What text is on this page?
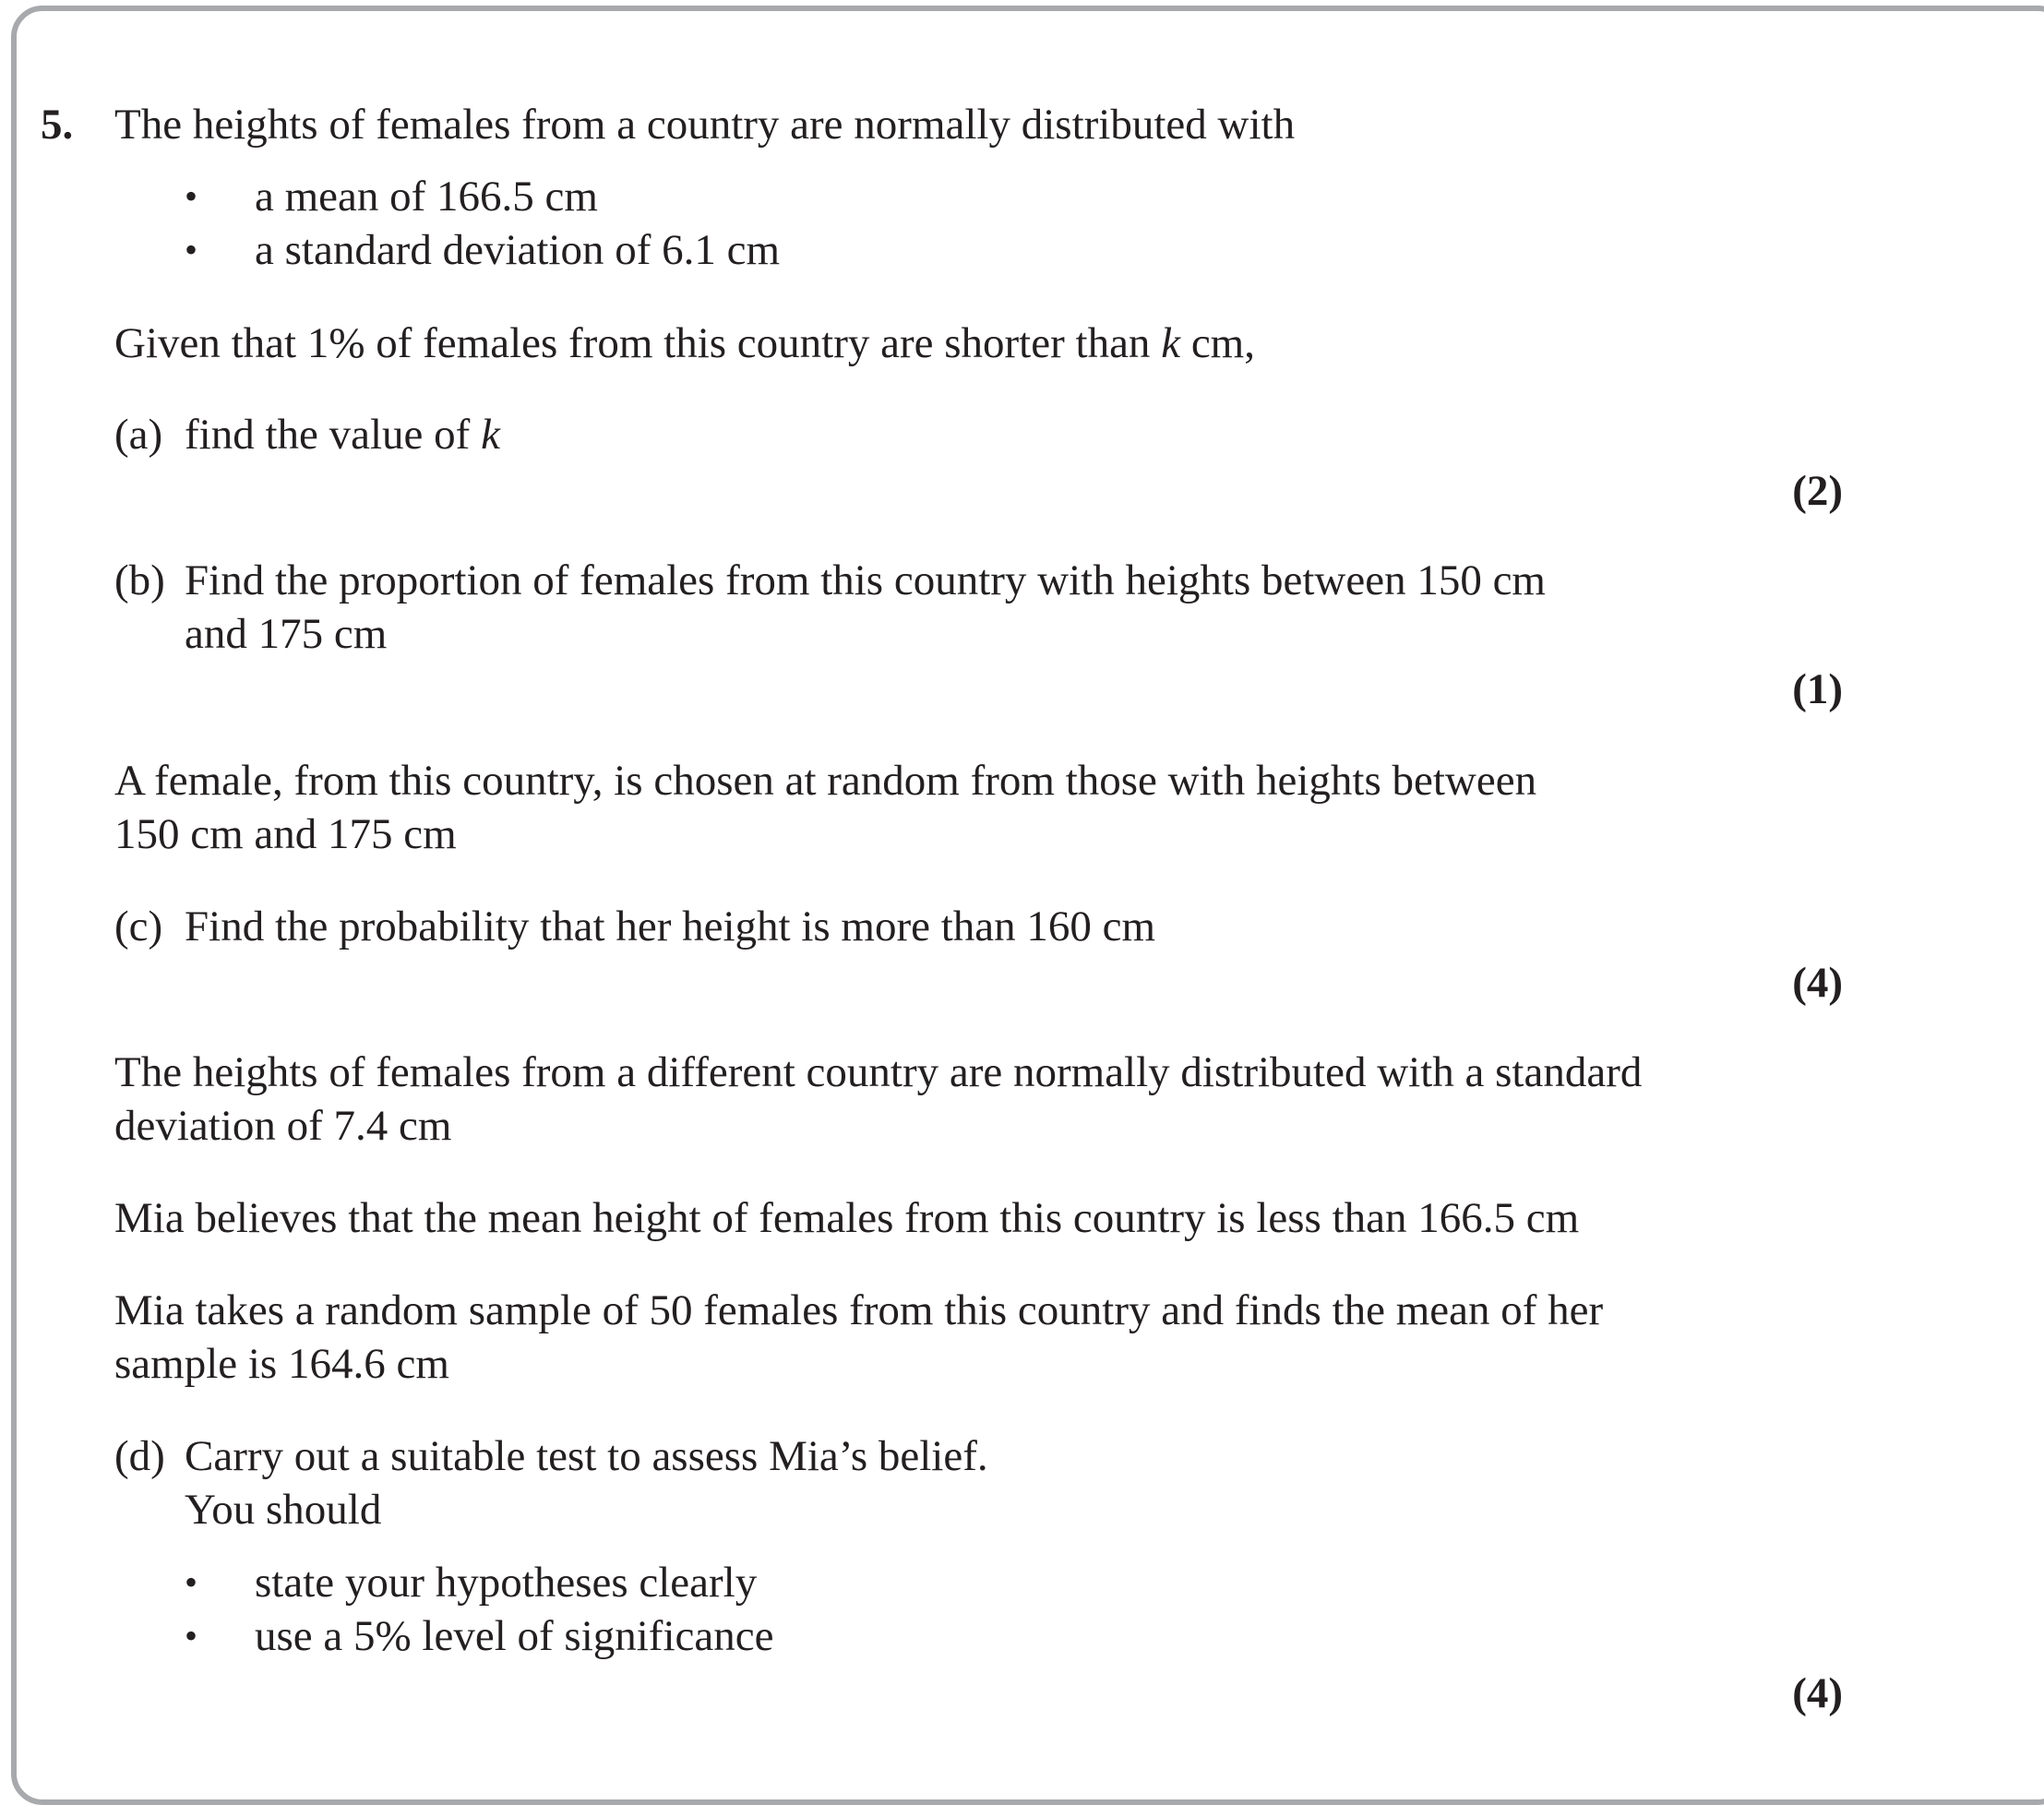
5. The heights of females from a country are normally distributed with
• a mean of 166.5 cm
• a standard deviation of 6.1 cm
Given that 1% of females from this country are shorter than k cm,
(a) find the value of k
(2)
(b) Find the proportion of females from this country with heights between 150 cm
and 175 cm
(1)
A female, from this country, is chosen at random from those with heights between
150 cm and 175 cm
(c) Find the probability that her height is more than 160 cm
(4)
The heights of females from a different country are normally distributed with a standard
deviation of 7.4 cm
Mia believes that the mean height of females from this country is less than 166.5 cm
Mia takes a random sample of 50 females from this country and finds the mean of her
sample is 164.6 cm
(d) Carry out a suitable test to assess Mia’s belief.
You should
• state your hypotheses clearly
• use a 5% level of significance
(4)
